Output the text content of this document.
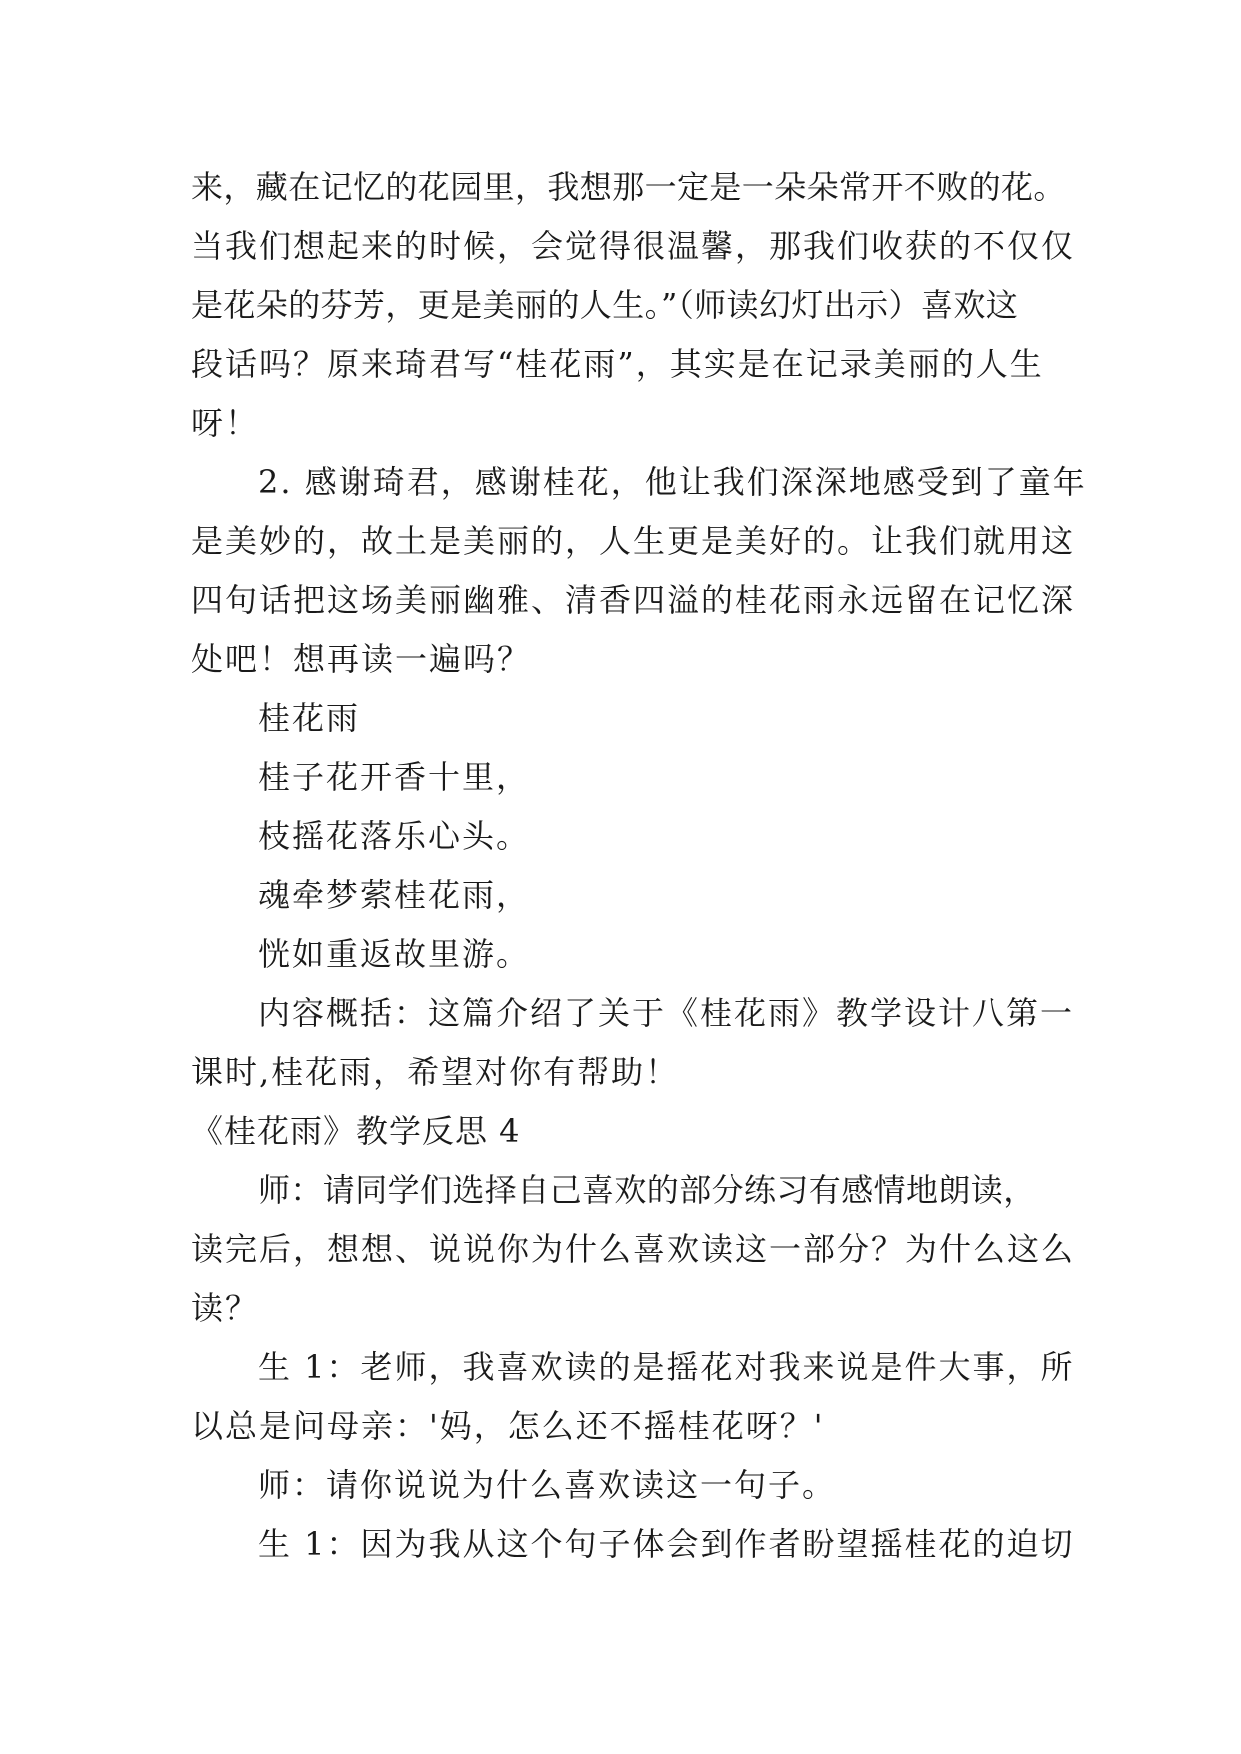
来，藏在记忆的花园里，我想那一定是一朵朵常开不败的花。
当我们想起来的时候，会觉得很温馨，那我们收获的不仅仅
是花朵的芬芳，更是美丽的人生。”（师读幻灯出示）喜欢这
段话吗？原来琦君写“桂花雨”，其实是在记录美丽的人生
呀！
2. 感谢琦君，感谢桂花，他让我们深深地感受到了童年
是美妙的，故土是美丽的，人生更是美好的。让我们就用这
四句话把这场美丽幽雅、清香四溢的桂花雨永远留在记忆深
处吧！想再读一遍吗？
桂花雨
桂子花开香十里，
枝摇花落乐心头。
魂牵梦萦桂花雨，
恍如重返故里游。
内容概括：这篇介绍了关于《桂花雨》教学设计八第一
课时,桂花雨，希望对你有帮助！
《桂花雨》教学反思 4
师：请同学们选择自己喜欢的部分练习有感情地朗读，
读完后，想想、说说你为什么喜欢读这一部分？为什么这么
读？
生 1：老师，我喜欢读的是摇花对我来说是件大事，所
以总是问母亲：'妈，怎么还不摇桂花呀？'
师：请你说说为什么喜欢读这一句子。
生 1：因为我从这个句子体会到作者盼望摇桂花的迫切
